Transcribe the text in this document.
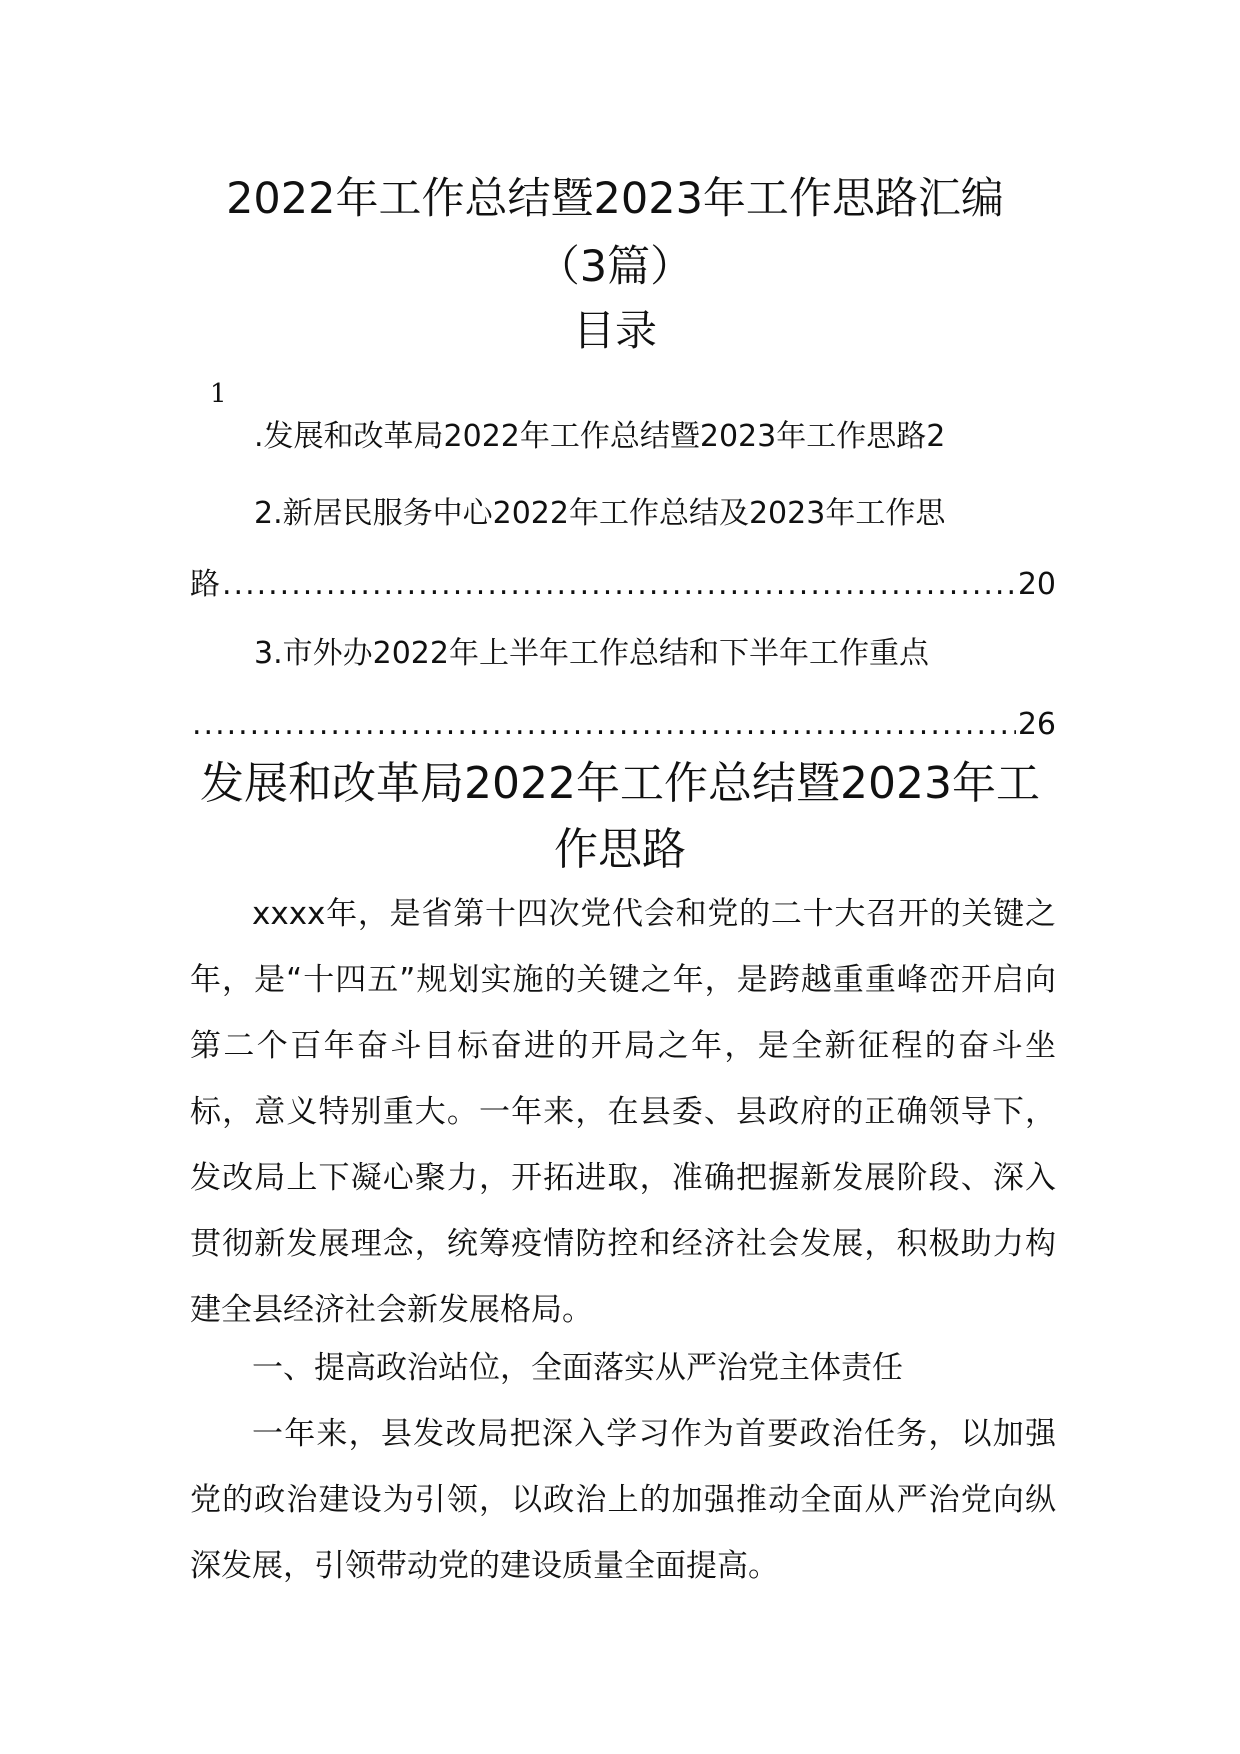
2022年工作总结暨2023年工作思路汇编
（3篇）
目录
1
.发展和改革局2022年工作总结暨2023年工作思路 2
2.新居民服务中心2022年工作总结及2023年工作思
路
.....	20
3.市外办2022年上半年工作总结和下半年工作重点
.....
26
发展和改革局2022年工作总结暨2023年工
作思路

xxxx年，是省第十四次党代会和党的二十大召开的关键之年，是“十四五”规划实施的关键之年，是跨越重重峰峦开启向第二个百年奋斗目标奋进的开局之年，是全新征程的奋斗坐标，意义特别重大。一年来，在县委、县政府的正确领导下，发改局上下凝心聚力，开拓进取，准确把握新发展阶段、深入贯彻新发展理念，统筹疫情防控和经济社会发展，积极助力构建全县经济社会新发展格局。

一、提高政治站位，全面落实从严治党主体责任

一年来，县发改局把深入学习作为首要政治任务，以加强党的政治建设为引领，以政治上的加强推动全面从严治党向纵深发展，引领带动党的建设质量全面提高。
